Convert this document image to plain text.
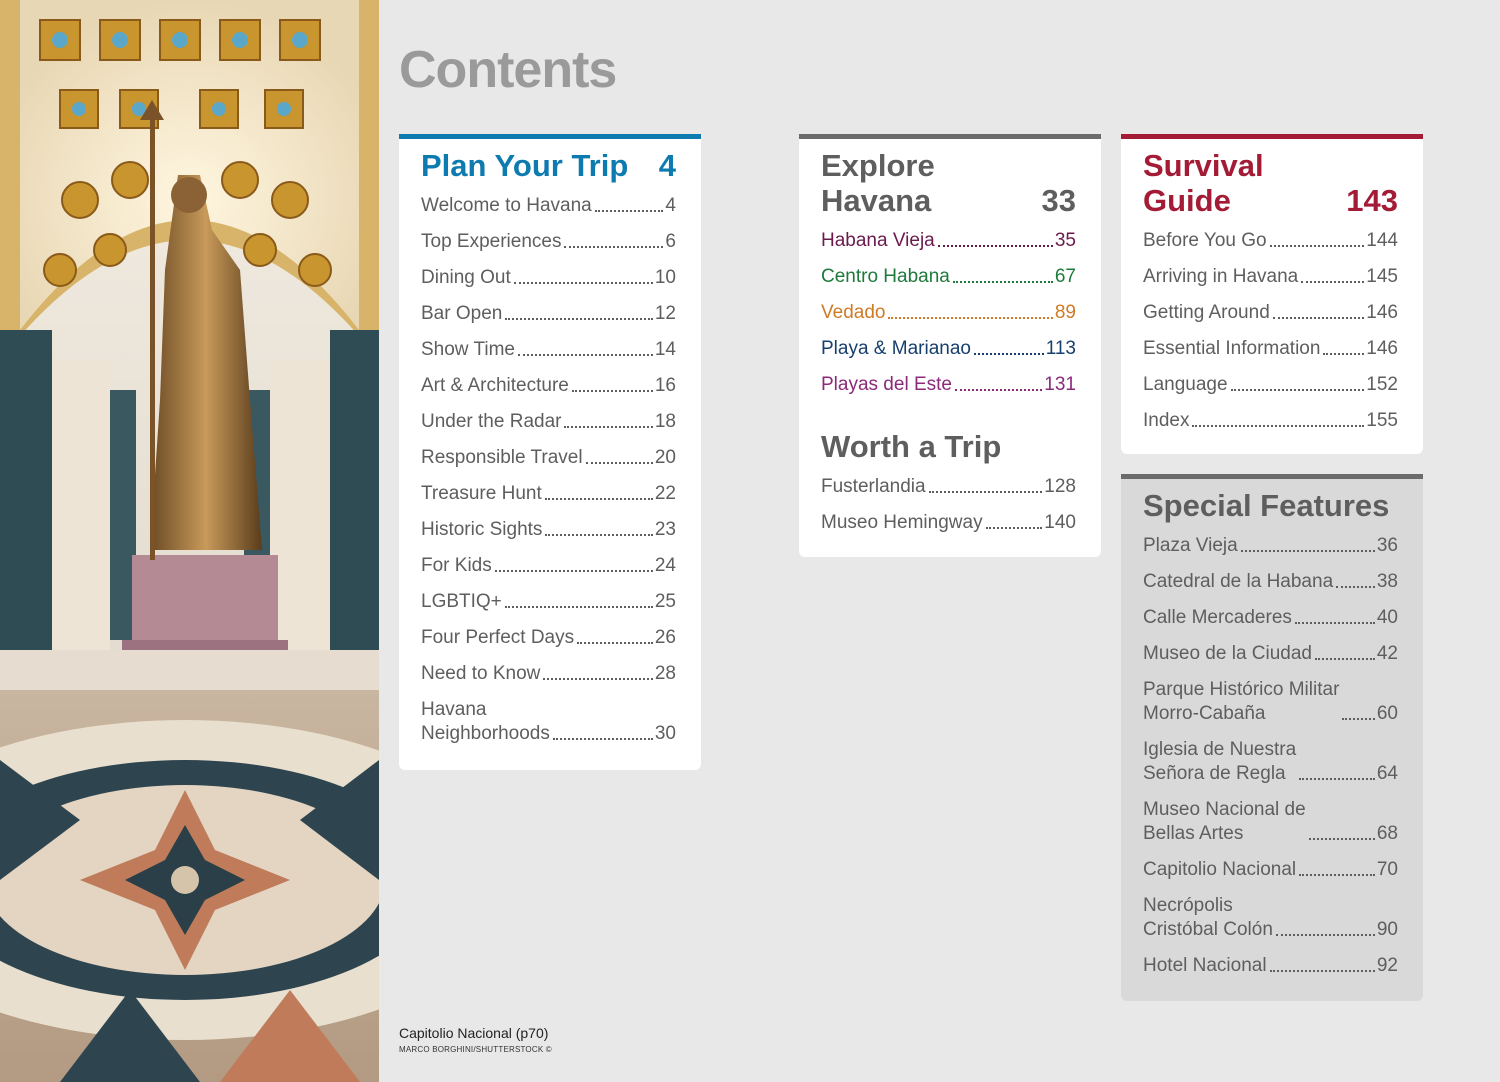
Contents
Plan Your Trip 4
Welcome to Havana	4
Top Experiences	6
Dining Out	10
Bar Open	12
Show Time	14
Art & Architecture	16
Under the Radar	18
Responsible Travel	20
Treasure Hunt	22
Historic Sights	23
For Kids	24
LGBTIQ+	25
Four Perfect Days	26
Need to Know	28
Havana
Neighborhoods	30
Explore
Havana	33
Habana Vieja	35
Centro Habana	67
Vedado	89
Playa & Marianao	113
Playas del Este	131
Worth a Trip
Fusterlandia	128
Museo Hemingway	140
Survival
Guide	143
Before You Go	144
Arriving in Havana	145
Getting Around	146
Essential Information 146
Language	152
Index	155
Special Features
Plaza Vieja	36
Catedral de la Habana 38
Calle Mercaderes	40
Museo de la Ciudad	42
Parque Histórico Militar
Morro-Cabaña	60
Iglesia de Nuestra
Señora de Regla	64
Museo Nacional de
Bellas Artes	68
Capitolio Nacional	70
Necrópolis
Cristóbal Colón	90
Hotel Nacional	92
Capitolio Nacional (p70)
MARCO BORGHINI/SHUTTERSTOCK ©
